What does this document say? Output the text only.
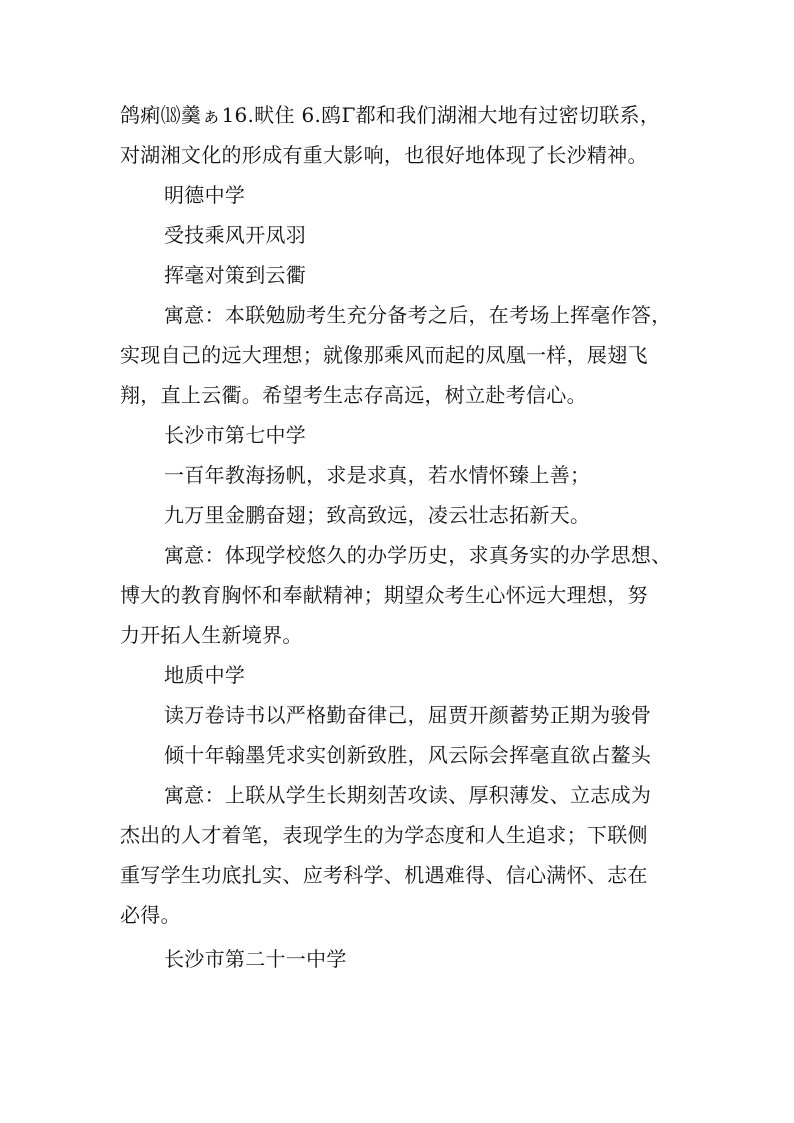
鸽痢⒅羹ぁ16.畎住 6.鸥Γ都和我们湖湘大地有过密切联系，
对湖湘文化的形成有重大影响，也很好地体现了长沙精神。
明德中学
受技乘风开凤羽
挥毫对策到云衢
寓意：本联勉励考生充分备考之后，在考场上挥毫作答，
实现自己的远大理想；就像那乘风而起的凤凰一样，展翅飞
翔，直上云衢。希望考生志存高远，树立赴考信心。
长沙市第七中学
一百年教海扬帆，求是求真，若水情怀臻上善；
九万里金鹏奋翅；致高致远，凌云壮志拓新天。
寓意：体现学校悠久的办学历史，求真务实的办学思想、
博大的教育胸怀和奉献精神；期望众考生心怀远大理想，努
力开拓人生新境界。
地质中学
读万卷诗书以严格勤奋律己，屈贾开颜蓄势正期为骏骨
倾十年翰墨凭求实创新致胜，风云际会挥毫直欲占鳌头
寓意：上联从学生长期刻苦攻读、厚积薄发、立志成为
杰出的人才着笔，表现学生的为学态度和人生追求；下联侧
重写学生功底扎实、应考科学、机遇难得、信心满怀、志在
必得。
长沙市第二十一中学
